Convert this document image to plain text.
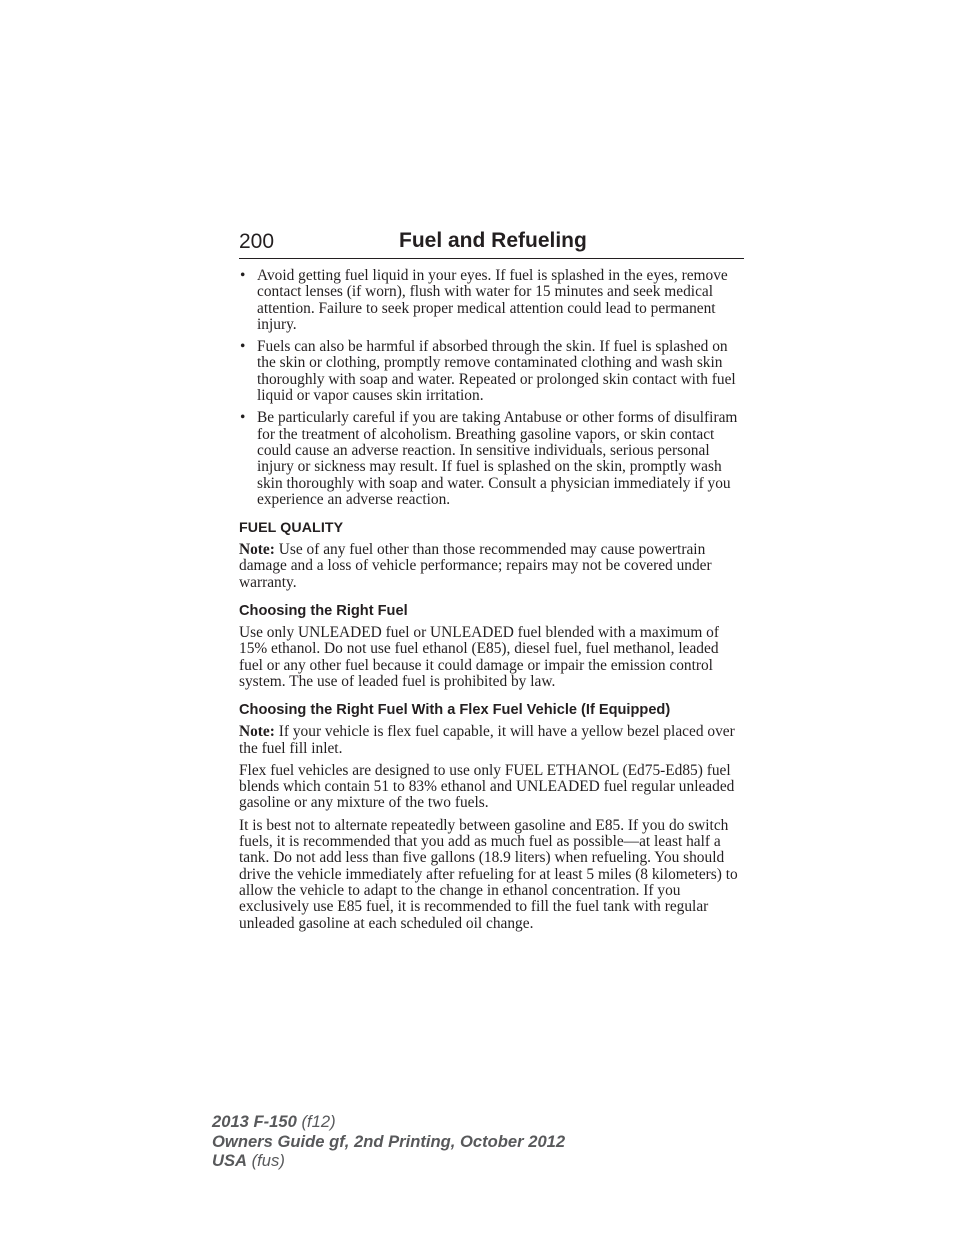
200	Fuel and Refueling
• Avoid getting fuel liquid in your eyes. If fuel is splashed in the eyes, remove contact lenses (if worn), flush with water for 15 minutes and seek medical attention. Failure to seek proper medical attention could lead to permanent injury.
• Fuels can also be harmful if absorbed through the skin. If fuel is splashed on the skin or clothing, promptly remove contaminated clothing and wash skin thoroughly with soap and water. Repeated or prolonged skin contact with fuel liquid or vapor causes skin irritation.
• Be particularly careful if you are taking Antabuse or other forms of disulfiram for the treatment of alcoholism. Breathing gasoline vapors, or skin contact could cause an adverse reaction. In sensitive individuals, serious personal injury or sickness may result. If fuel is splashed on the skin, promptly wash skin thoroughly with soap and water. Consult a physician immediately if you experience an adverse reaction.
FUEL QUALITY

Note: Use of any fuel other than those recommended may cause powertrain damage and a loss of vehicle performance; repairs may not be covered under warranty.

Choosing the Right Fuel

Use only UNLEADED fuel or UNLEADED fuel blended with a maximum of 15% ethanol. Do not use fuel ethanol (E85), diesel fuel, fuel methanol, leaded fuel or any other fuel because it could damage or impair the emission control system. The use of leaded fuel is prohibited by law.

Choosing the Right Fuel With a Flex Fuel Vehicle (If Equipped)

Note: If your vehicle is flex fuel capable, it will have a yellow bezel placed over the fuel fill inlet.

Flex fuel vehicles are designed to use only FUEL ETHANOL (Ed75-Ed85) fuel blends which contain 51 to 83% ethanol and UNLEADED fuel regular unleaded gasoline or any mixture of the two fuels.

It is best not to alternate repeatedly between gasoline and E85. If you do switch fuels, it is recommended that you add as much fuel as possible—at least half a tank. Do not add less than five gallons (18.9 liters) when refueling. You should drive the vehicle immediately after refueling for at least 5 miles (8 kilometers) to allow the vehicle to adapt to the change in ethanol concentration. If you exclusively use E85 fuel, it is recommended to fill the fuel tank with regular unleaded gasoline at each scheduled oil change.

2013 F-150 (f12)
Owners Guide gf, 2nd Printing, October 2012
USA (fus)
